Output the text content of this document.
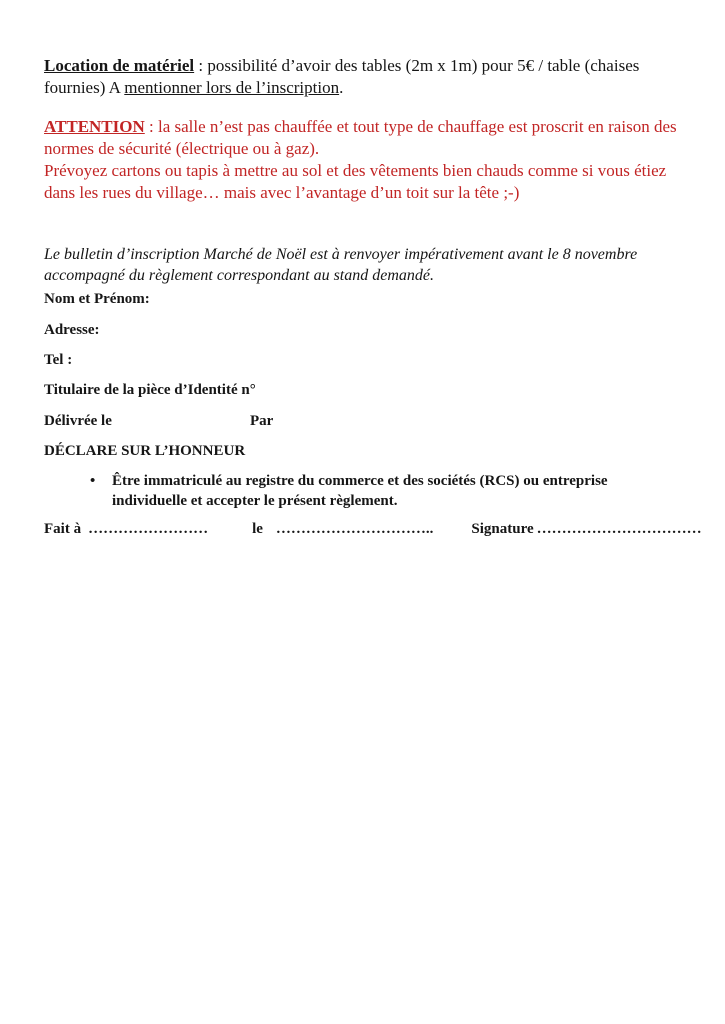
Location de matériel : possibilité d’avoir des tables (2m x 1m) pour 5€ / table (chaises fournies) A mentionner lors de l’inscription.

ATTENTION : la salle n’est pas chauffée et tout type de chauffage est proscrit en raison des normes de sécurité (électrique ou à gaz).
Prévoyez cartons ou tapis à mettre au sol et des vêtements bien chauds comme si vous étiez dans les rues du village… mais avec l’avantage d’un toit sur la tête ;-)

Le bulletin d’inscription Marché de Noël est à renvoyer impérativement avant le 8 novembre accompagné du règlement correspondant au stand demandé.

Nom et Prénom:
Adresse:
Tel :
Titulaire de la pièce d’Identité n°
Délivrée le	Par
DÉCLARE SUR L’HONNEUR
• Être immatriculé au registre du commerce et des sociétés (RCS) ou entreprise individuelle et accepter le présent règlement.
Fait à ……………………	le …………………………..	Signature ……………………………
